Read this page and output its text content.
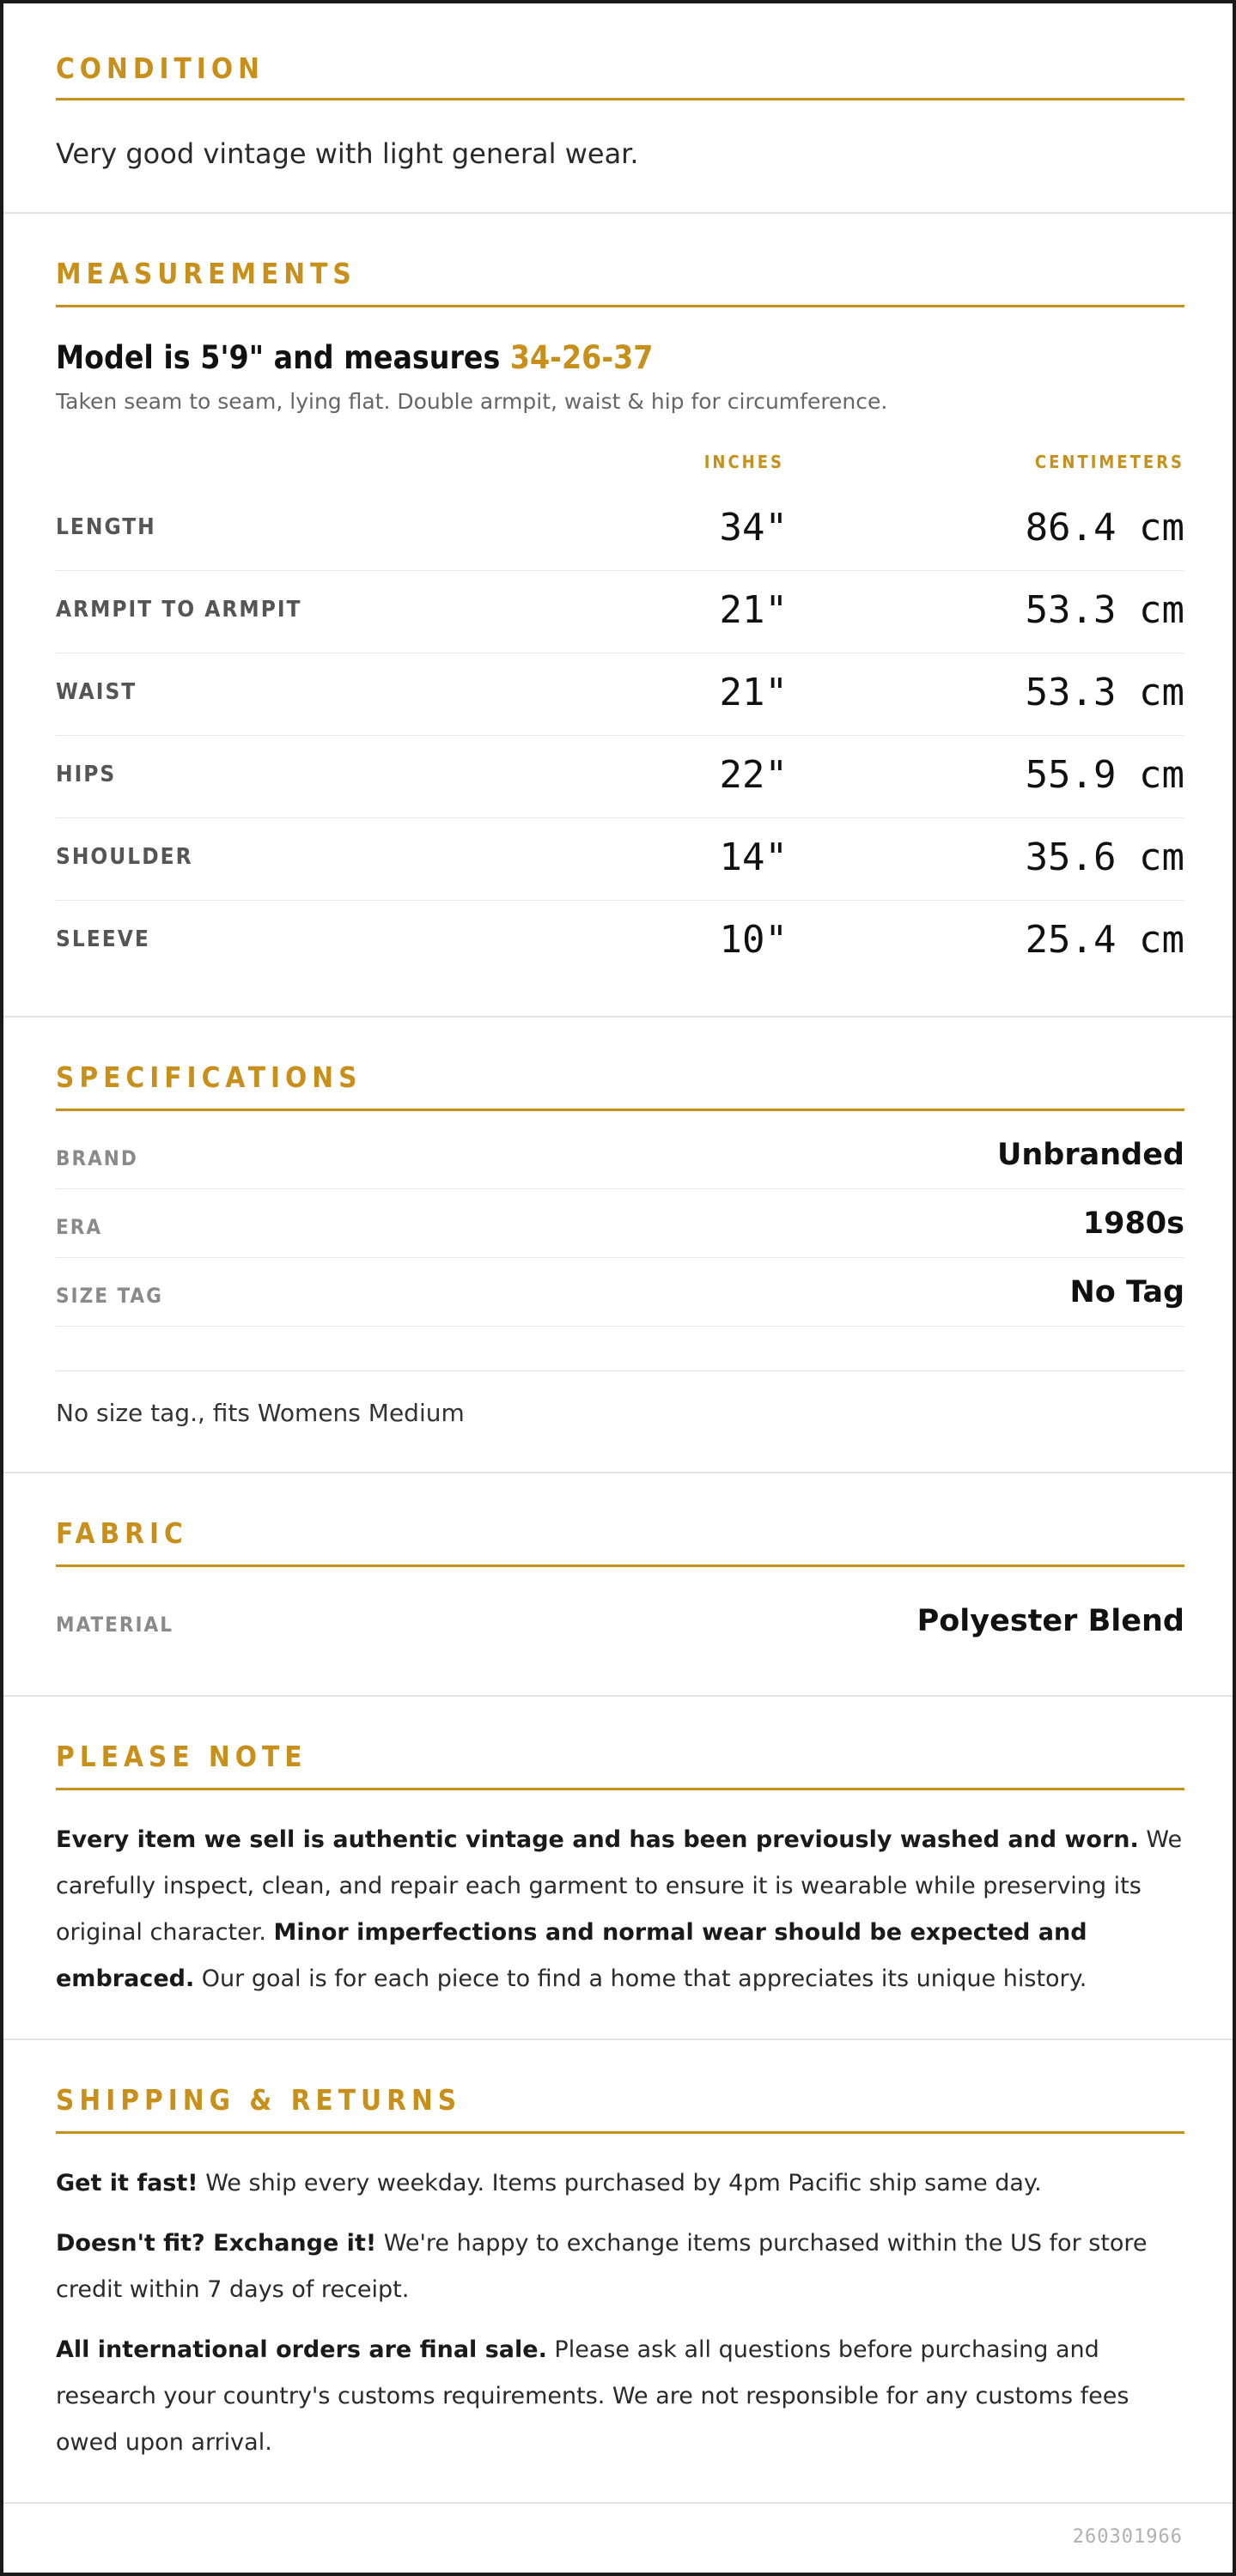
CONDITION
Very good vintage with light general wear.
MEASUREMENTS
Model is 5'9" and measures 34-26-37
Taken seam to seam, lying flat. Double armpit, waist & hip for circumference.
INCHES	CENTIMETERS
LENGTH	34"	86.4 cm
ARMPIT TO ARMPIT	21"	53.3 cm
WAIST	21"	53.3 cm
HIPS	22"	55.9 cm
SHOULDER	14"	35.6 cm
SLEEVE	10"	25.4 cm
SPECIFICATIONS
BRAND	Unbranded
ERA	1980s
SIZE TAG	No Tag
No size tag., fits Womens Medium
FABRIC
MATERIAL	Polyester Blend
PLEASE NOTE
Every item we sell is authentic vintage and has been previously washed and worn. We carefully inspect, clean, and repair each garment to ensure it is wearable while preserving its original character. Minor imperfections and normal wear should be expected and embraced. Our goal is for each piece to find a home that appreciates its unique history.
SHIPPING & RETURNS
Get it fast! We ship every weekday. Items purchased by 4pm Pacific ship same day.
Doesn't fit? Exchange it! We're happy to exchange items purchased within the US for store credit within 7 days of receipt.
All international orders are final sale. Please ask all questions before purchasing and research your country's customs requirements. We are not responsible for any customs fees owed upon arrival.
260301966
